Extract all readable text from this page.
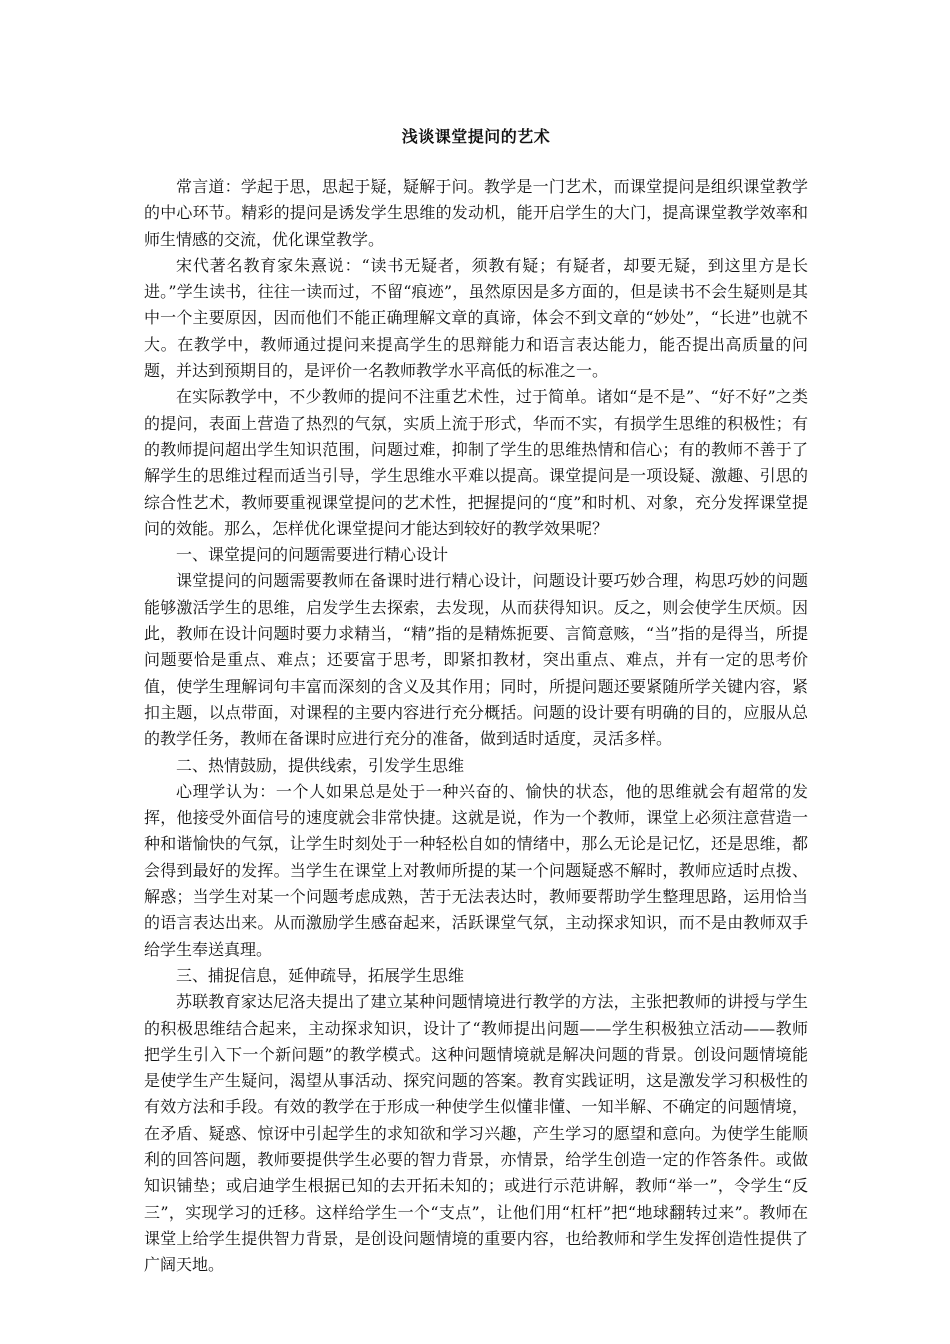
浅谈课堂提问的艺术

常言道：学起于思，思起于疑，疑解于问。教学是一门艺术，而课堂提问是组织课堂教学的中心环节。精彩的提问是诱发学生思维的发动机，能开启学生的大门，提高课堂教学效率和师生情感的交流，优化课堂教学。

宋代著名教育家朱熹说：“读书无疑者，须教有疑；有疑者，却要无疑，到这里方是长进。”学生读书，往往一读而过，不留“痕迹”，虽然原因是多方面的，但是读书不会生疑则是其中一个主要原因，因而他们不能正确理解文章的真谛，体会不到文章的“妙处”，“长进”也就不大。在教学中，教师通过提问来提高学生的思辩能力和语言表达能力，能否提出高质量的问题，并达到预期目的，是评价一名教师教学水平高低的标准之一。

在实际教学中，不少教师的提问不注重艺术性，过于简单。诸如“是不是”、“好不好”之类的提问，表面上营造了热烈的气氛，实质上流于形式，华而不实，有损学生思维的积极性；有的教师提问超出学生知识范围，问题过难，抑制了学生的思维热情和信心；有的教师不善于了解学生的思维过程而适当引导，学生思维水平难以提高。课堂提问是一项设疑、激趣、引思的综合性艺术，教师要重视课堂提问的艺术性，把握提问的“度”和时机、对象，充分发挥课堂提问的效能。那么，怎样优化课堂提问才能达到较好的教学效果呢？

一、课堂提问的问题需要进行精心设计

课堂提问的问题需要教师在备课时进行精心设计，问题设计要巧妙合理，构思巧妙的问题能够激活学生的思维，启发学生去探索，去发现，从而获得知识。反之，则会使学生厌烦。因此，教师在设计问题时要力求精当，“精”指的是精炼扼要、言简意赅，“当”指的是得当，所提问题要恰是重点、难点；还要富于思考，即紧扣教材，突出重点、难点，并有一定的思考价值，使学生理解词句丰富而深刻的含义及其作用；同时，所提问题还要紧随所学关键内容，紧扣主题，以点带面，对课程的主要内容进行充分概括。问题的设计要有明确的目的，应服从总的教学任务，教师在备课时应进行充分的准备，做到适时适度，灵活多样。

二、热情鼓励，提供线索，引发学生思维

心理学认为：一个人如果总是处于一种兴奋的、愉快的状态，他的思维就会有超常的发挥，他接受外面信号的速度就会非常快捷。这就是说，作为一个教师，课堂上必须注意营造一种和谐愉快的气氛，让学生时刻处于一种轻松自如的情绪中，那么无论是记忆，还是思维，都会得到最好的发挥。当学生在课堂上对教师所提的某一个问题疑惑不解时，教师应适时点拨、解惑；当学生对某一个问题考虑成熟，苦于无法表达时，教师要帮助学生整理思路，运用恰当的语言表达出来。从而激励学生感奋起来，活跃课堂气氛，主动探求知识，而不是由教师双手给学生奉送真理。

三、捕捉信息，延伸疏导，拓展学生思维

苏联教育家达尼洛夫提出了建立某种问题情境进行教学的方法，主张把教师的讲授与学生的积极思维结合起来，主动探求知识，设计了“教师提出问题——学生积极独立活动——教师把学生引入下一个新问题”的教学模式。这种问题情境就是解决问题的背景。创设问题情境能是使学生产生疑问，渴望从事活动、探究问题的答案。教育实践证明，这是激发学习积极性的有效方法和手段。有效的教学在于形成一种使学生似懂非懂、一知半解、不确定的问题情境，在矛盾、疑惑、惊讶中引起学生的求知欲和学习兴趣，产生学习的愿望和意向。为使学生能顺利的回答问题，教师要提供学生必要的智力背景，亦情景，给学生创造一定的作答条件。或做知识铺垫；或启迪学生根据已知的去开拓未知的；或进行示范讲解，教师“举一”，令学生“反三”，实现学习的迁移。这样给学生一个“支点”，让他们用“杠杆”把“地球翻转过来”。教师在课堂上给学生提供智力背景，是创设问题情境的重要内容，也给教师和学生发挥创造性提供了广阔天地。
